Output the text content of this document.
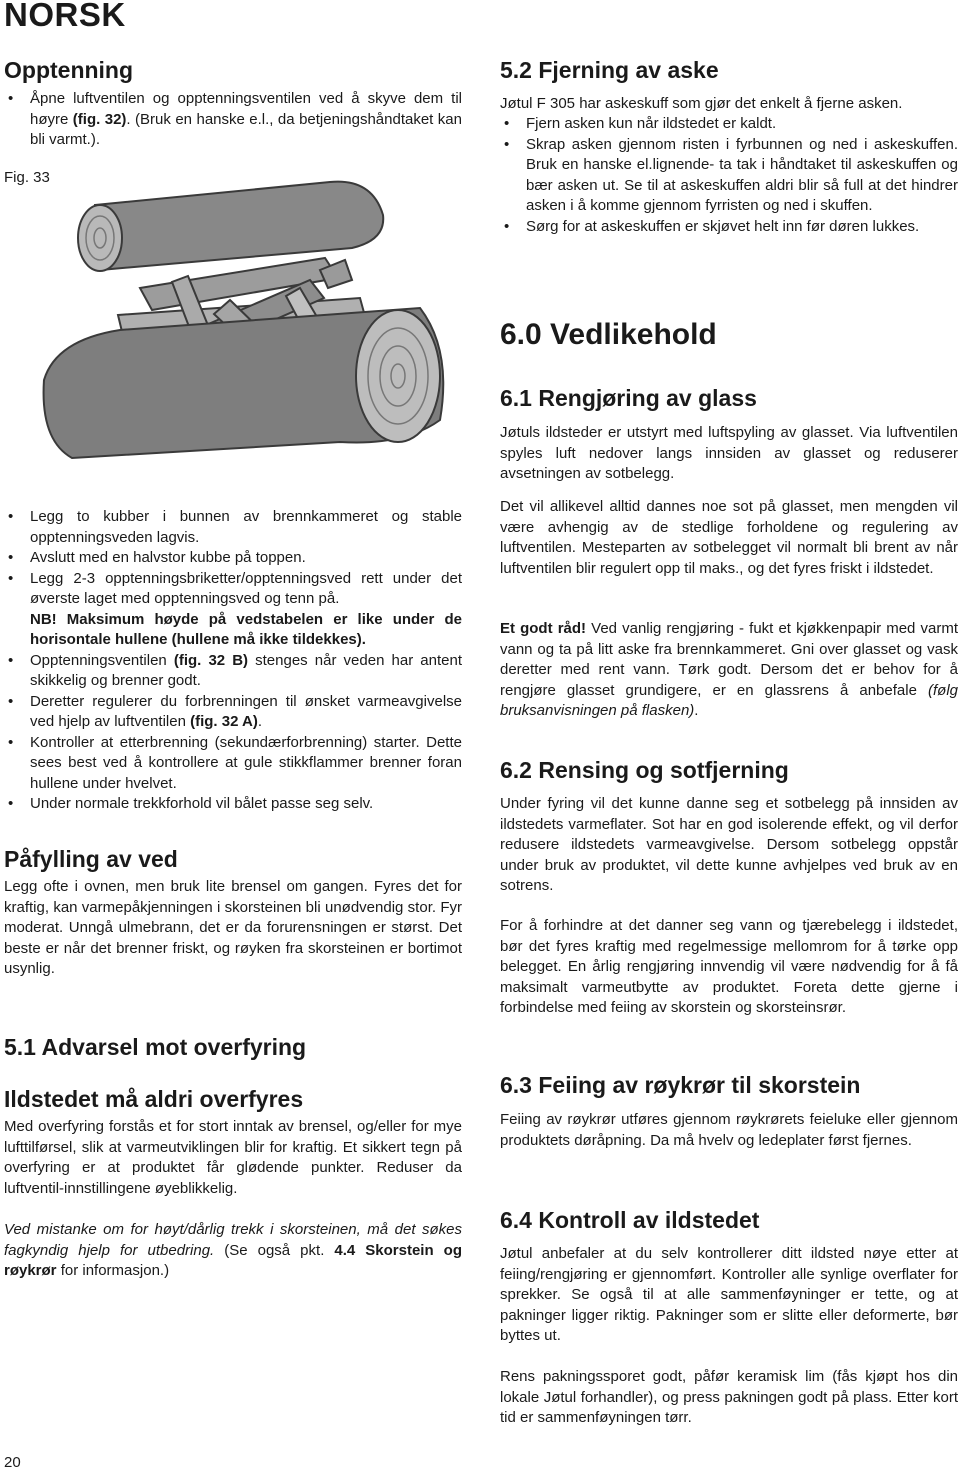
NORSK
Opptenning
• Åpne luftventilen og opptenningsventilen ved å skyve dem til høyre (fig. 32). (Bruk en hanske e.l., da betjeningshåndtaket kan bli varmt.).
Fig. 33
• Legg to kubber i bunnen av brennkammeret og stable opptenningsveden lagvis.
• Avslutt med en halvstor kubbe på toppen.
• Legg 2-3 opptenningsbriketter/opptenningsved rett under det øverste laget med opptenningsved og tenn på.
NB! Maksimum høyde på vedstabelen er like under de horisontale hullene (hullene må ikke tildekkes).
• Opptenningsventilen (fig. 32 B) stenges når veden har antent skikkelig og brenner godt.
• Deretter regulerer du forbrenningen til ønsket varmeavgivelse ved hjelp av luftventilen (fig. 32 A).
• Kontroller at etterbrenning (sekundærforbrenning) starter. Dette sees best ved å kontrollere at gule stikkflammer brenner foran hullene under hvelvet.
• Under normale trekkforhold vil bålet passe seg selv.
Påfylling av ved

Legg ofte i ovnen, men bruk lite brensel om gangen. Fyres det for kraftig, kan varmepåkjenningen i skorsteinen bli unødvendig stor. Fyr moderat. Unngå ulmebrann, det er da forurensningen er størst. Det beste er når det brenner friskt, og røyken fra skorsteinen er bortimot usynlig.

5.1 Advarsel mot overfyring
Ildstedet må aldri overfyres

Med overfyring forstås et for stort inntak av brensel, og/eller for mye lufttilførsel, slik at varmeutviklingen blir for kraftig. Et sikkert tegn på overfyring er at produktet får glødende punkter. Reduser da luftventil-innstillingene øyeblikkelig.

Ved mistanke om for høyt/dårlig trekk i skorsteinen, må det søkes fagkyndig hjelp for utbedring. (Se også pkt. 4.4 Skorstein og røykrør for informasjon.)

20
5.2 Fjerning av aske

Jøtul F 305 har askeskuff som gjør det enkelt å fjerne asken.

• Fjern asken kun når ildstedet er kaldt.
• Skrap asken gjennom risten i fyrbunnen og ned i askeskuffen. Bruk en hanske el.lignende- ta tak i håndtaket til askeskuffen og bær asken ut. Se til at askeskuffen aldri blir så full at det hindrer asken i å komme gjennom fyrristen og ned i skuffen.
• Sørg for at askeskuffen er skjøvet helt inn før døren lukkes.
6.0 Vedlikehold
6.1 Rengjøring av glass

Jøtuls ildsteder er utstyrt med luftspyling av glasset. Via luftventilen spyles luft nedover langs innsiden av glasset og reduserer avsetningen av sotbelegg.

Det vil allikevel alltid dannes noe sot på glasset, men mengden vil være avhengig av de stedlige forholdene og regulering av luftventilen. Mesteparten av sotbelegget vil normalt bli brent av når luftventilen blir regulert opp til maks., og det fyres friskt i ildstedet.

Et godt råd! Ved vanlig rengjøring - fukt et kjøkkenpapir med varmt vann og ta på litt aske fra brennkammeret. Gni over glasset og vask deretter med rent vann. Tørk godt. Dersom det er behov for å rengjøre glasset grundigere, er en glassrens å anbefale (følg bruksanvisningen på flasken).

6.2 Rensing og sotfjerning

Under fyring vil det kunne danne seg et sotbelegg på innsiden av ildstedets varmeflater. Sot har en god isolerende effekt, og vil derfor redusere ildstedets varmeavgivelse. Dersom sotbelegg oppstår under bruk av produktet, vil dette kunne avhjelpes ved bruk av en sotrens.

For å forhindre at det danner seg vann og tjærebelegg i ildstedet, bør det fyres kraftig med regelmessige mellomrom for å tørke opp belegget. En årlig rengjøring innvendig vil være nødvendig for å få maksimalt varmeutbytte av produktet. Foreta dette gjerne i forbindelse med feiing av skorstein og skorsteinsrør.

6.3 Feiing av røykrør til skorstein

Feiing av røykrør utføres gjennom røykrørets feieluke eller gjennom produktets døråpning. Da må hvelv og ledeplater først fjernes.

6.4 Kontroll av ildstedet

Jøtul anbefaler at du selv kontrollerer ditt ildsted nøye etter at feiing/rengjøring er gjennomført. Kontroller alle synlige overflater for sprekker. Se også til at alle sammenføyninger er tette, og at pakninger ligger riktig. Pakninger som er slitte eller deformerte, bør byttes ut.

Rens pakningssporet godt, påfør keramisk lim (fås kjøpt hos din lokale Jøtul forhandler), og press pakningen godt på plass. Etter kort tid er sammenføyningen tørr.
